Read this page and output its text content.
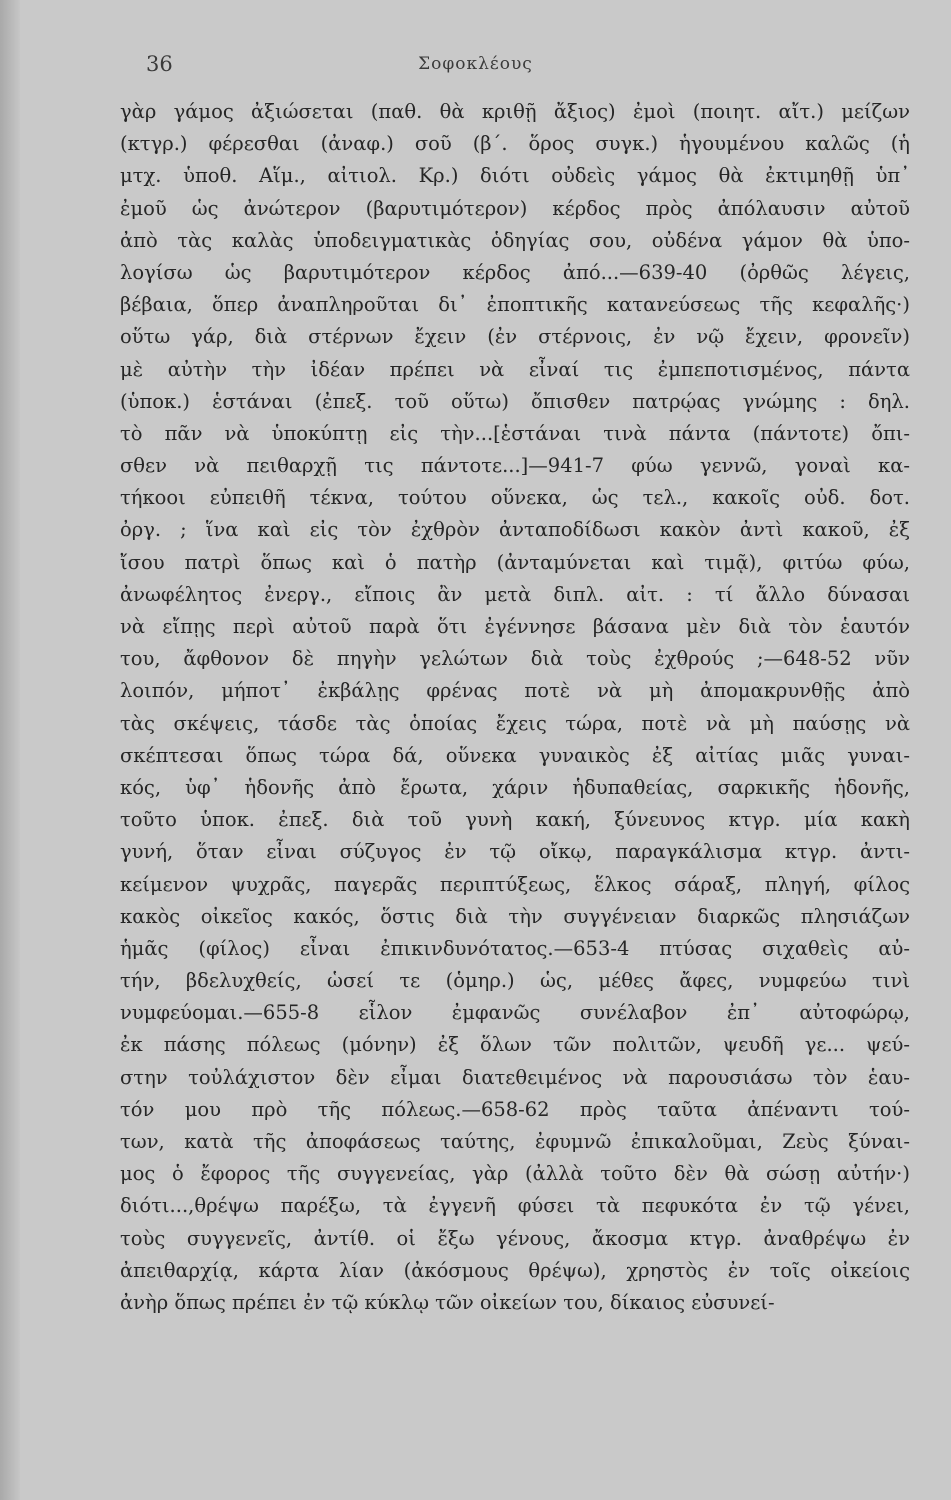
36	Σοφοκλέους
γὰρ γάμος ἀξιώσεται (παθ. θὰ κριθῇ ἄξιος) ἐμοὶ (ποιητ. αἴτ.) μείζων
(κτγρ.) φέρεσθαι (ἀναφ.) σοῦ (β΄. ὅρος συγκ.) ἡγουμένου καλῶς (ἡ
μτχ. ὑποθ. Αἵμ., αἰτιολ. Κρ.) διότι οὐδεὶς γάμος θὰ ἐκτιμηθῇ ὑπ᾿
ἐμοῦ ὡς ἀνώτερον (βαρυτιμότερον) κέρδος πρὸς ἀπόλαυσιν αὐτοῦ
ἀπὸ τὰς καλὰς ὑποδειγματικὰς ὁδηγίας σου, οὐδένα γάμον θὰ ὑπο-
λογίσω ὡς βαρυτιμότερον κέρδος ἀπό...—639-40 (ὀρθῶς λέγεις,
βέβαια, ὅπερ ἀναπληροῦται δι᾿ ἐποπτικῆς κατανεύσεως τῆς κεφαλῆς·)
οὕτω γάρ, διὰ στέρνων ἔχειν (ἐν στέρνοις, ἐν νῷ ἔχειν, φρονεῖν)
μὲ αὐτὴν τὴν ἰδέαν πρέπει νὰ εἶναί τις ἐμπεποτισμένος, πάντα
(ὑποκ.) ἑστάναι (ἐπεξ. τοῦ οὕτω) ὄπισθεν πατρῴας γνώμης : δηλ.
τὸ πᾶν νὰ ὑποκύπτῃ εἰς τὴν...[ἑστάναι τινὰ πάντα (πάντοτε) ὄπι-
σθεν νὰ πειθαρχῇ τις πάντοτε...]—941-7 φύω γεννῶ, γοναὶ κα-
τήκοοι εὐπειθῆ τέκνα, τούτου οὕνεκα, ὡς τελ., κακοῖς οὐδ. δοτ.
ὀργ. ; ἵνα καὶ εἰς τὸν ἐχθρὸν ἀνταποδίδωσι κακὸν ἀντὶ κακοῦ, ἐξ
ἴσου πατρὶ ὅπως καὶ ὁ πατὴρ (ἀνταμύνεται καὶ τιμᾷ), φιτύω φύω,
ἀνωφέλητος ἐνεργ., εἴποις ἂν μετὰ διπλ. αἰτ. : τί ἄλλο δύνασαι
νὰ εἴπῃς περὶ αὐτοῦ παρὰ ὅτι ἐγέννησε βάσανα μὲν διὰ τὸν ἑαυτόν
του, ἄφθονον δὲ πηγὴν γελώτων διὰ τοὺς ἐχθρούς ;—648-52 νῦν
λοιπόν, μήποτ᾿ ἐκβάλῃς φρένας ποτὲ νὰ μὴ ἀπομακρυνθῇς ἀπὸ
τὰς σκέψεις, τάσδε τὰς ὁποίας ἔχεις τώρα, ποτὲ νὰ μὴ παύσῃς νὰ
σκέπτεσαι ὅπως τώρα δά, οὕνεκα γυναικὸς ἐξ αἰτίας μιᾶς γυναι-
κός, ὑφ᾿ ἡδονῆς ἀπὸ ἔρωτα, χάριν ἡδυπαθείας, σαρκικῆς ἡδονῆς,
τοῦτο ὑποκ. ἐπεξ. διὰ τοῦ γυνὴ κακή, ξύνευνος κτγρ. μία κακὴ
γυνή, ὅταν εἶναι σύζυγος ἐν τῷ οἴκῳ, παραγκάλισμα κτγρ. ἀντι-
κείμενον ψυχρᾶς, παγερᾶς περιπτύξεως, ἕλκος σάραξ, πληγή, φίλος
κακὸς οἰκεῖος κακός, ὅστις διὰ τὴν συγγένειαν διαρκῶς πλησιάζων
ἡμᾶς (φίλος) εἶναι ἐπικινδυνότατος.—653-4 πτύσας σιχαθεὶς αὐ-
τήν, βδελυχθείς, ὡσεί τε (ὁμηρ.) ὡς, μέθες ἄφες, νυμφεύω τινὶ
νυμφεύομαι.—655-8 εἷλον ἐμφανῶς συνέλαβον ἐπ᾿ αὐτοφώρῳ,
ἐκ πάσης πόλεως (μόνην) ἐξ ὅλων τῶν πολιτῶν, ψευδῆ γε... ψεύ-
στην τοὐλάχιστον δὲν εἶμαι διατεθειμένος νὰ παρουσιάσω τὸν ἑαυ-
τόν μου πρὸ τῆς πόλεως.—658-62 πρὸς ταῦτα ἀπέναντι τού-
των, κατὰ τῆς ἀποφάσεως ταύτης, ἐφυμνῶ ἐπικαλοῦμαι, Ζεὺς ξύναι-
μος ὁ ἔφορος τῆς συγγενείας, γὰρ (ἀλλὰ τοῦτο δὲν θὰ σώσῃ αὐτήν·)
διότι...,θρέψω παρέξω, τὰ ἐγγενῆ φύσει τὰ πεφυκότα ἐν τῷ γένει,
τοὺς συγγενεῖς, ἀντίθ. οἱ ἔξω γένους, ἄκοσμα κτγρ. ἀναθρέψω ἐν
ἀπειθαρχίᾳ, κάρτα λίαν (ἀκόσμους θρέψω), χρηστὸς ἐν τοῖς οἰκείοις
ἀνὴρ ὅπως πρέπει ἐν τῷ κύκλῳ τῶν οἰκείων του, δίκαιος εὐσυνεί-
